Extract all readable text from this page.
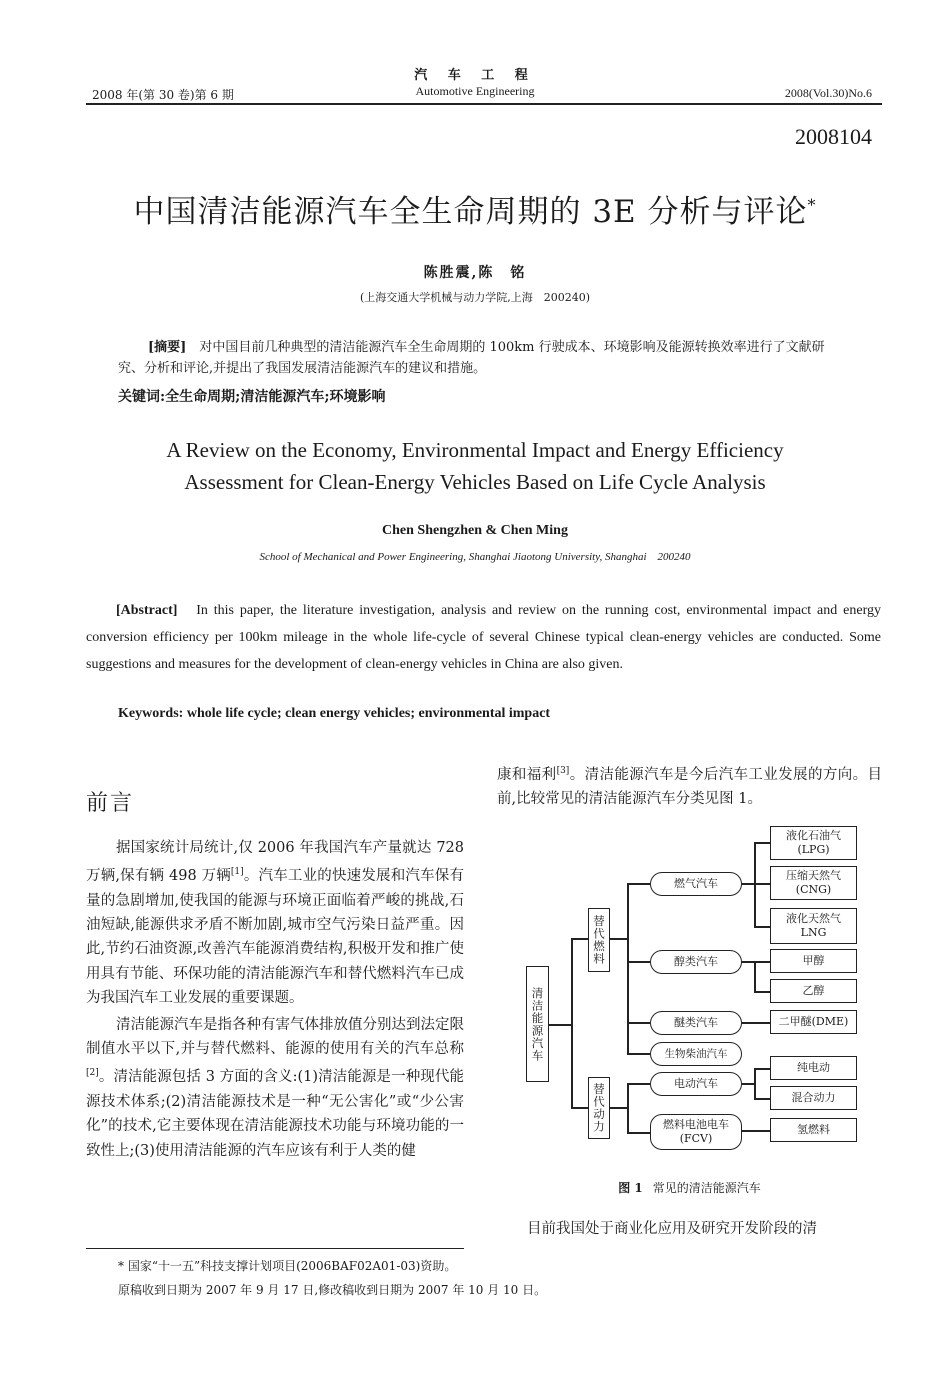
2008 年(第 30 卷)第 6 期
汽 车 工 程
Automotive Engineering	2008(Vol.30)No.6
2008104
中国清洁能源汽车全生命周期的 3E 分析与评论*
陈胜震,陈　铭
(上海交通大学机械与动力学院,上海　200240)
[摘要]　 对中国目前几种典型的清洁能源汽车全生命周期的 100km 行驶成本、环境影响及能源转换效率进行了文献研究、分析和评论,并提出了我国发展清洁能源汽车的建议和措施。
关键词:全生命周期;清洁能源汽车;环境影响
A Review on the Economy, Environmental Impact and Energy Efficiency
Assessment for Clean-Energy Vehicles Based on Life Cycle Analysis
Chen Shengzhen & Chen Ming
School of Mechanical and Power Engineering, Shanghai Jiaotong University, Shanghai　200240
[Abstract]　 In this paper, the literature investigation, analysis and review on the running cost, environmental impact and energy conversion efficiency per 100km mileage in the whole life-cycle of several Chinese typical clean-energy vehicles are conducted. Some suggestions and measures for the development of clean-energy vehicles in China are also given.
Keywords: whole life cycle; clean energy vehicles; environmental impact
前言

据国家统计局统计,仅 2006 年我国汽车产量就达 728 万辆,保有辆 498 万辆[1]。汽车工业的快速发展和汽车保有量的急剧增加,使我国的能源与环境正面临着严峻的挑战,石油短缺,能源供求矛盾不断加剧,城市空气污染日益严重。因此,节约石油资源,改善汽车能源消费结构,积极开发和推广使用具有节能、环保功能的清洁能源汽车和替代燃料汽车已成为我国汽车工业发展的重要课题。

清洁能源汽车是指各种有害气体排放值分别达到法定限制值水平以下,并与替代燃料、能源的使用有关的汽车总称[2]。清洁能源包括 3 方面的含义:(1)清洁能源是一种现代能源技术体系;(2)清洁能源技术是一种“无公害化”或“少公害化”的技术,它主要体现在清洁能源技术功能与环境功能的一致性上;(3)使用清洁能源的汽车应该有利于人类的健

康和福利[3]。清洁能源汽车是今后汽车工业发展的方向。目前,比较常见的清洁能源汽车分类见图 1。
清洁能源汽车
替代燃料
替代动力
燃气汽车
醇类汽车
醚类汽车
生物柴油汽车
电动汽车
燃料电池电车(FCV)
液化石油气(LPG)
压缩天然气(CNG)
液化天然气LNG
甲醇
乙醇
二甲醚(DME)
纯电动
混合动力
氢燃料
图 1 常见的清洁能源汽车
目前我国处于商业化应用及研究开发阶段的清
* 国家“十一五”科技支撑计划项目(2006BAF02A01-03)资助。
原稿收到日期为 2007 年 9 月 17 日,修改稿收到日期为 2007 年 10 月 10 日。
